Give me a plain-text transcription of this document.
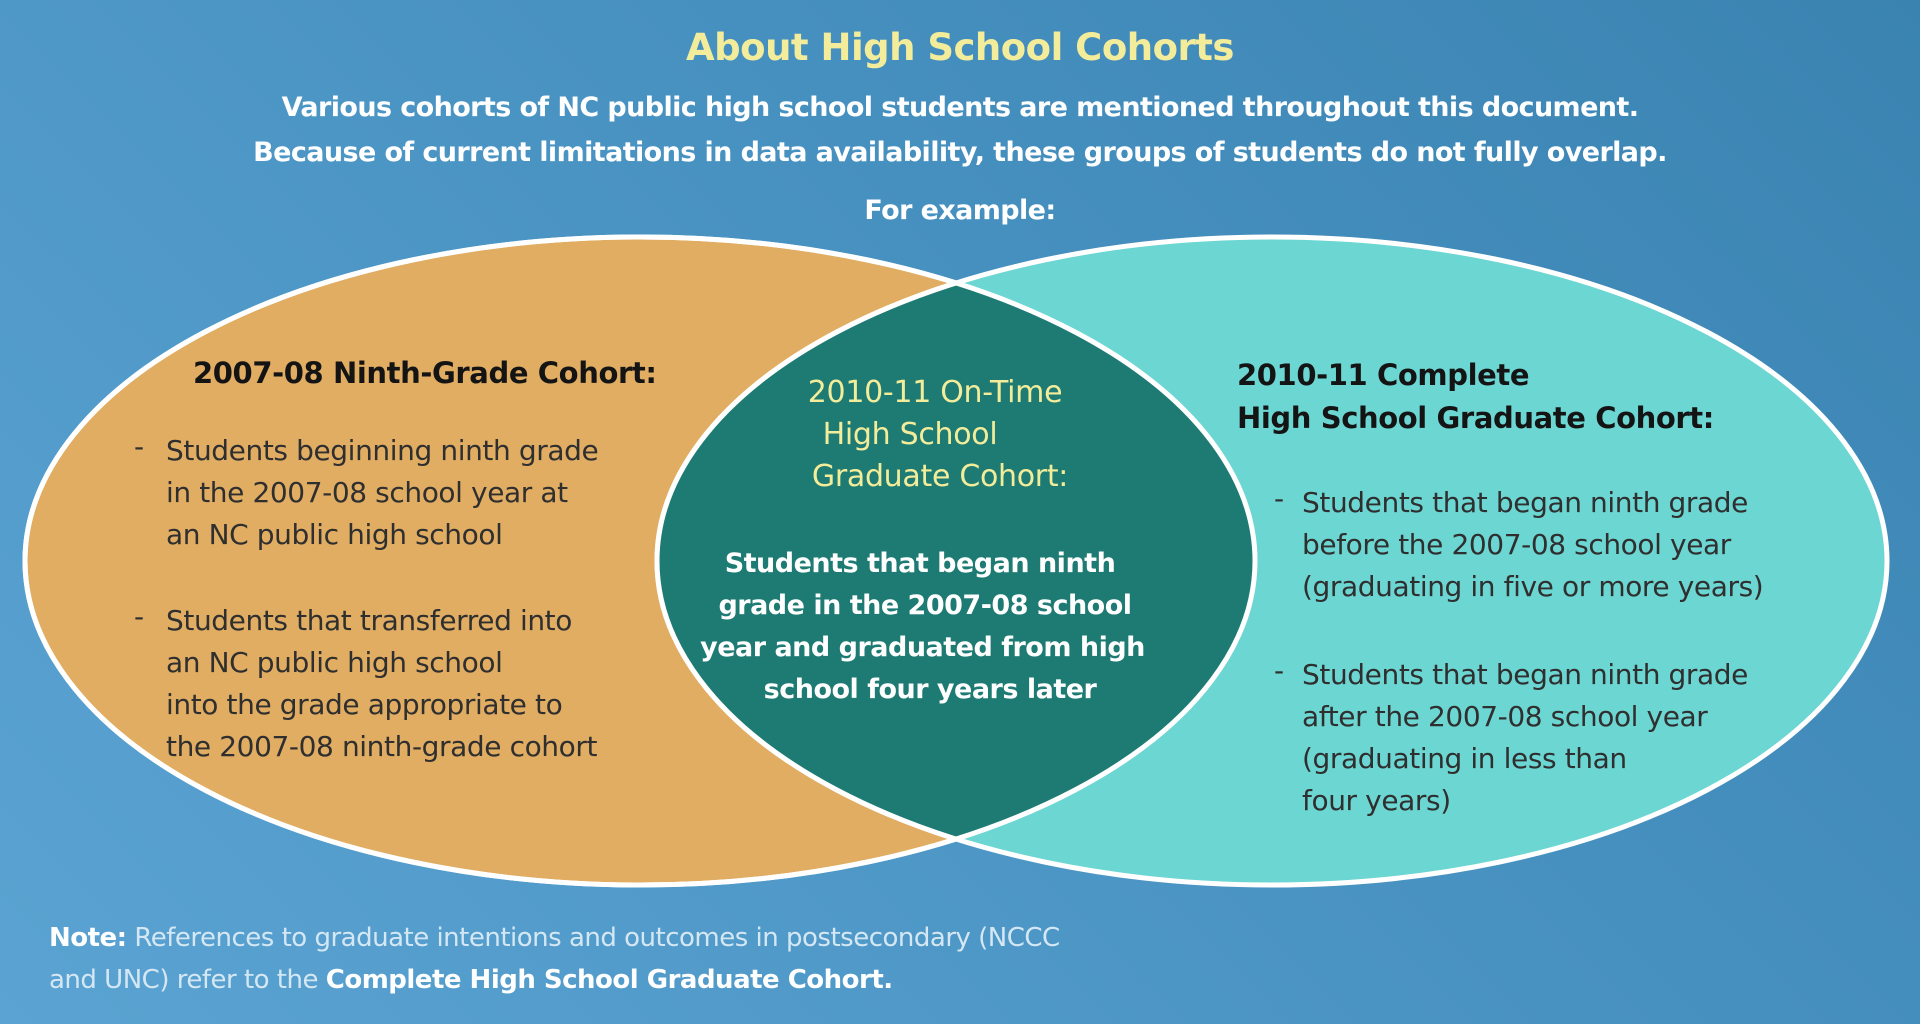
About High School Cohorts
Various cohorts of NC public high school students are mentioned throughout this document.
Because of current limitations in data availability, these groups of students do not fully overlap.
For example:
2007-08 Ninth-Grade Cohort:
- Students beginning ninth grade
in the 2007-08 school year at
an NC public high school
- Students that transferred into
an NC public high school
into the grade appropriate to
the 2007-08 ninth-grade cohort
2010-11 On-Time
High School
Graduate Cohort:
Students that began ninth
grade in the 2007-08 school
year and graduated from high
school four years later
2010-11 Complete
High School Graduate Cohort:
- Students that began ninth grade
before the 2007-08 school year
(graduating in five or more years)
- Students that began ninth grade
after the 2007-08 school year
(graduating in less than
four years)
Note: References to graduate intentions and outcomes in postsecondary (NCCC
and UNC) refer to the Complete High School Graduate Cohort.
